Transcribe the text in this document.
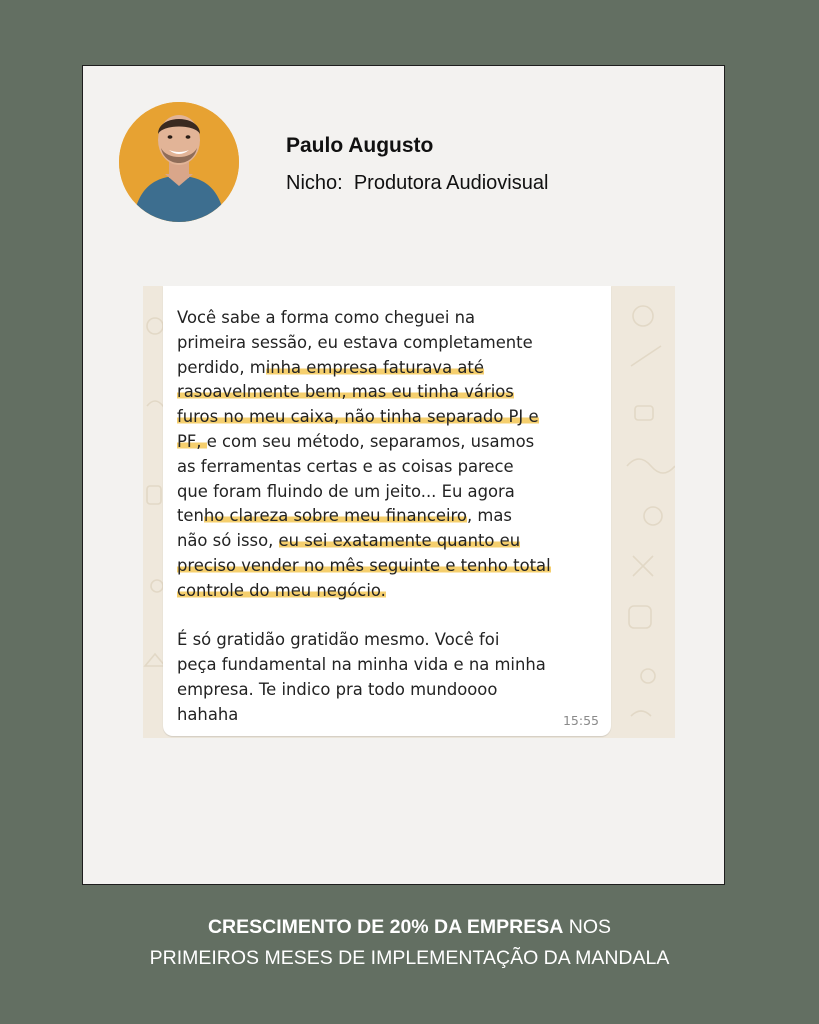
Paulo Augusto
Nicho: Produtora Audiovisual
Você sabe a forma como cheguei na
primeira sessão, eu estava completamente
perdido, minha empresa faturava até
rasoavelmente bem, mas eu tinha vários
furos no meu caixa, não tinha separado PJ e
PF, e com seu método, separamos, usamos
as ferramentas certas e as coisas parece
que foram fluindo de um jeito... Eu agora
tenho clareza sobre meu financeiro, mas
não só isso, eu sei exatamente quanto eu
preciso vender no mês seguinte e tenho total
controle do meu negócio.

É só gratidão gratidão mesmo. Você foi
peça fundamental na minha vida e na minha
empresa. Te indico pra todo mundoooo
hahaha	15:55
CRESCIMENTO DE 20% DA EMPRESA NOS
PRIMEIROS MESES DE IMPLEMENTAÇÃO DA MANDALA
